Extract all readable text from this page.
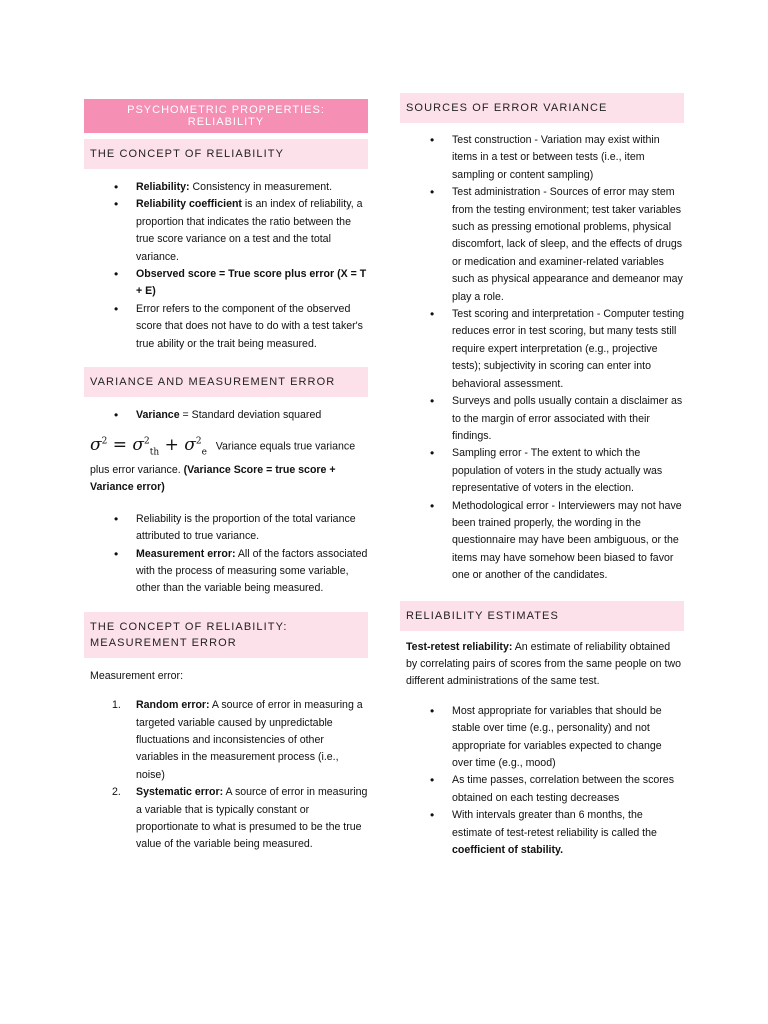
PSYCHOMETRIC PROPPERTIES: RELIABILITY
THE CONCEPT OF RELIABILITY
• Reliability: Consistency in measurement.
• Reliability coefficient is an index of reliability, a proportion that indicates the ratio between the true score variance on a test and the total variance.
• Observed score = True score plus error (X = T + E)
• Error refers to the component of the observed score that does not have to do with a test taker's true ability or the trait being measured.
VARIANCE AND MEASUREMENT ERROR
• Variance = Standard deviation squared

$\sigma^2 = \sigma^2_{th} + \sigma^2_e$ Variance equals true variance plus error variance. (Variance Score = true score + Variance error)

• Reliability is the proportion of the total variance attributed to true variance.
• Measurement error: All of the factors associated with the process of measuring some variable, other than the variable being measured.
THE CONCEPT OF RELIABILITY: MEASUREMENT ERROR

Measurement error:

1. Random error: A source of error in measuring a targeted variable caused by unpredictable fluctuations and inconsistencies of other variables in the measurement process (i.e., noise)
2. Systematic error: A source of error in measuring a variable that is typically constant or proportionate to what is presumed to be the true value of the variable being measured.
SOURCES OF ERROR VARIANCE
• Test construction - Variation may exist within items in a test or between tests (i.e., item sampling or content sampling)
• Test administration - Sources of error may stem from the testing environment; test taker variables such as pressing emotional problems, physical discomfort, lack of sleep, and the effects of drugs or medication and examiner-related variables such as physical appearance and demeanor may play a role.
• Test scoring and interpretation - Computer testing reduces error in test scoring, but many tests still require expert interpretation (e.g., projective tests); subjectivity in scoring can enter into behavioral assessment.
• Surveys and polls usually contain a disclaimer as to the margin of error associated with their findings.
• Sampling error - The extent to which the population of voters in the study actually was representative of voters in the election.
• Methodological error - Interviewers may not have been trained properly, the wording in the questionnaire may have been ambiguous, or the items may have somehow been biased to favor one or another of the candidates.
RELIABILITY ESTIMATES

Test-retest reliability: An estimate of reliability obtained by correlating pairs of scores from the same people on two different administrations of the same test.

• Most appropriate for variables that should be stable over time (e.g., personality) and not appropriate for variables expected to change over time (e.g., mood)
• As time passes, correlation between the scores obtained on each testing decreases
• With intervals greater than 6 months, the estimate of test-retest reliability is called the coefficient of stability.
